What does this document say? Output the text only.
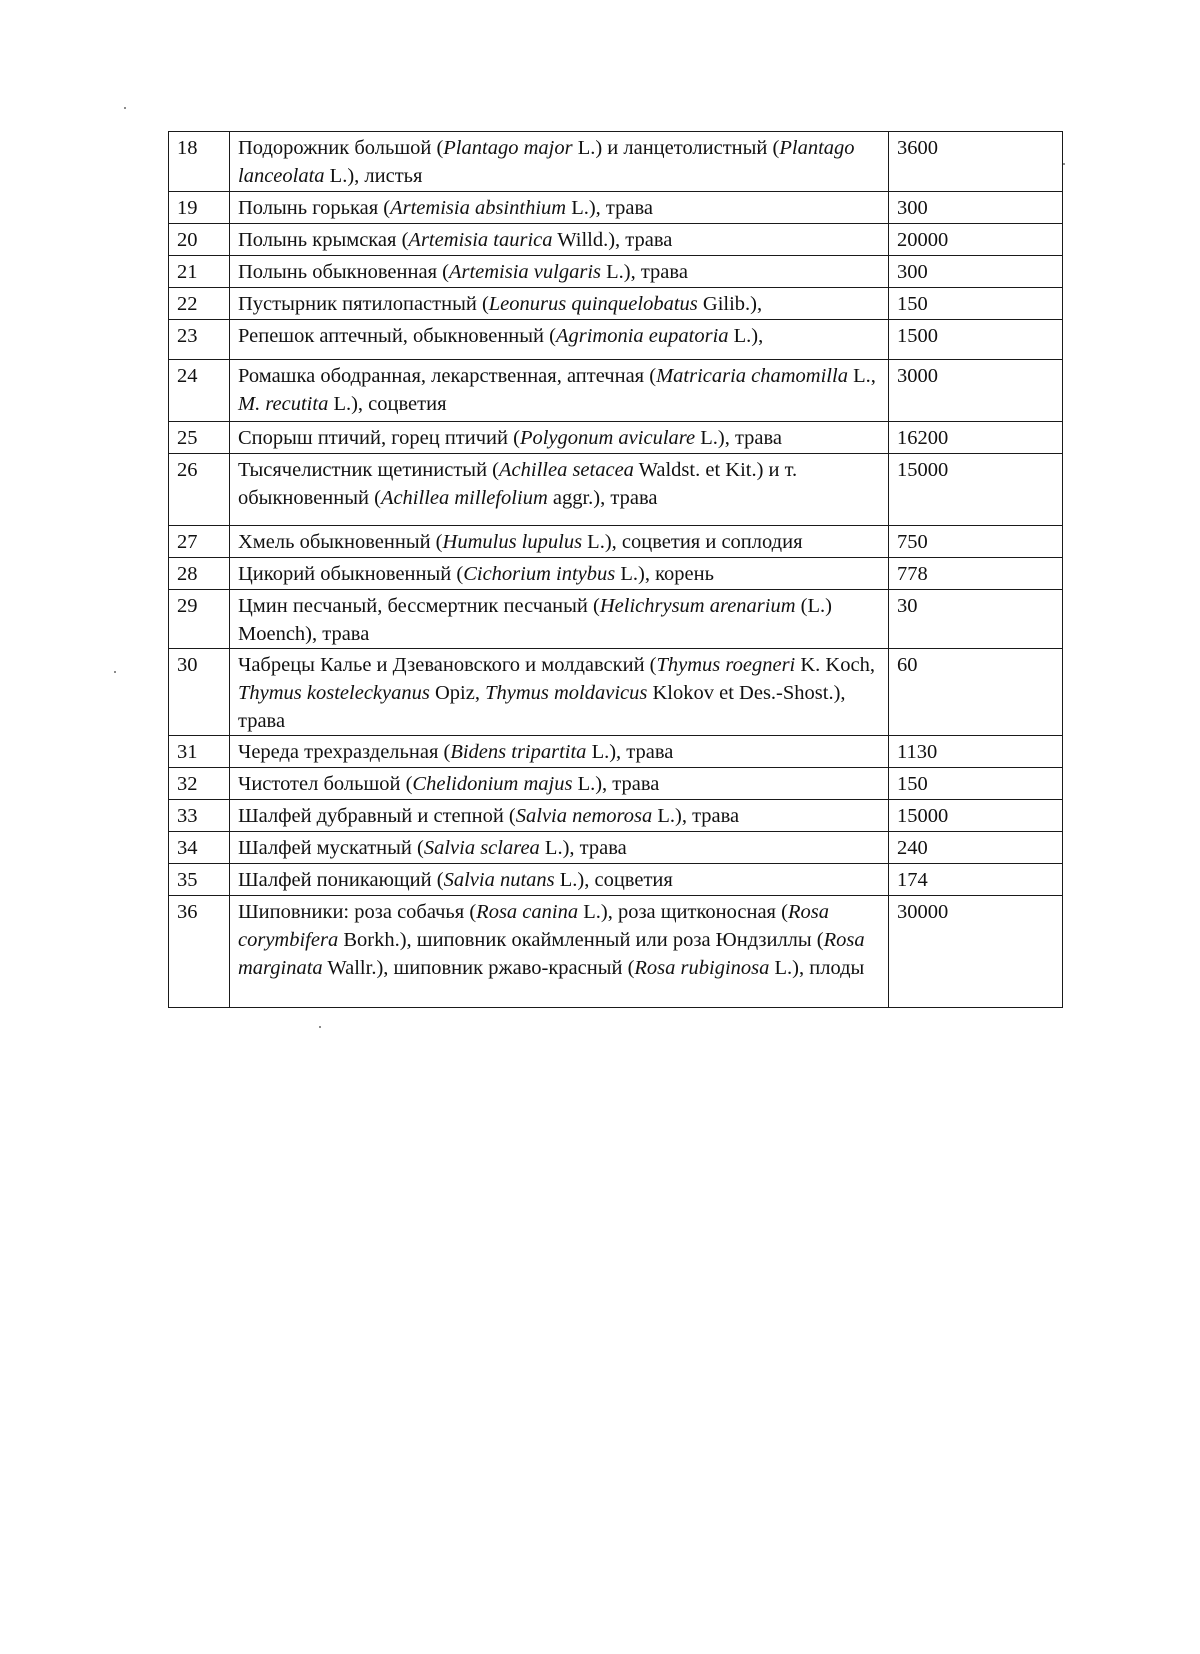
18	Подорожник большой (Plantago major L.) и ланцетолистный (Plantago lanceolata L.), листья	3600
19	Полынь горькая (Artemisia absinthium L.), трава	300
20	Полынь крымская (Artemisia taurica Willd.), трава	20000
21	Полынь обыкновенная (Artemisia vulgaris L.), трава	300
22	Пустырник пятилопастный (Leonurus quinquelobatus Gilib.),	150
23	Репешок аптечный, обыкновенный (Agrimonia eupatoria L.),	1500
24	Ромашка ободранная, лекарственная, аптечная (Matricaria chamomilla L., M. recutita L.), соцветия	3000
25	Спорыш птичий, горец птичий (Polygonum aviculare L.), трава	16200
26	Тысячелистник щетинистый (Achillea setacea Waldst. et Kit.) и т. обыкновенный (Achillea millefolium aggr.), трава	15000
27	Хмель обыкновенный (Humulus lupulus L.), соцветия и соплодия	750
28	Цикорий обыкновенный (Cichorium intybus L.), корень	778
29	Цмин песчаный, бессмертник песчаный (Helichrysum arenarium (L.) Moench), трава	30
30	Чабрецы Калье и Дзевановского и молдавский (Thymus roegneri K. Koch, Thymus kosteleckyanus Opiz, Thymus moldavicus Klokov et Des.-Shost.), трава	60
31	Череда трехраздельная (Bidens tripartita L.), трава	1130
32	Чистотел большой (Chelidonium majus L.), трава	150
33	Шалфей дубравный и степной (Salvia nemorosa L.), трава	15000
34	Шалфей мускатный (Salvia sclarea L.), трава	240
35	Шалфей поникающий (Salvia nutans L.), соцветия	174
36	Шиповники: роза собачья (Rosa canina L.), роза щитконосная (Rosa corymbifera Borkh.), шиповник окаймленный или роза Юндзиллы (Rosa marginata Wallr.), шиповник ржаво-красный (Rosa rubiginosa L.), плоды	30000
